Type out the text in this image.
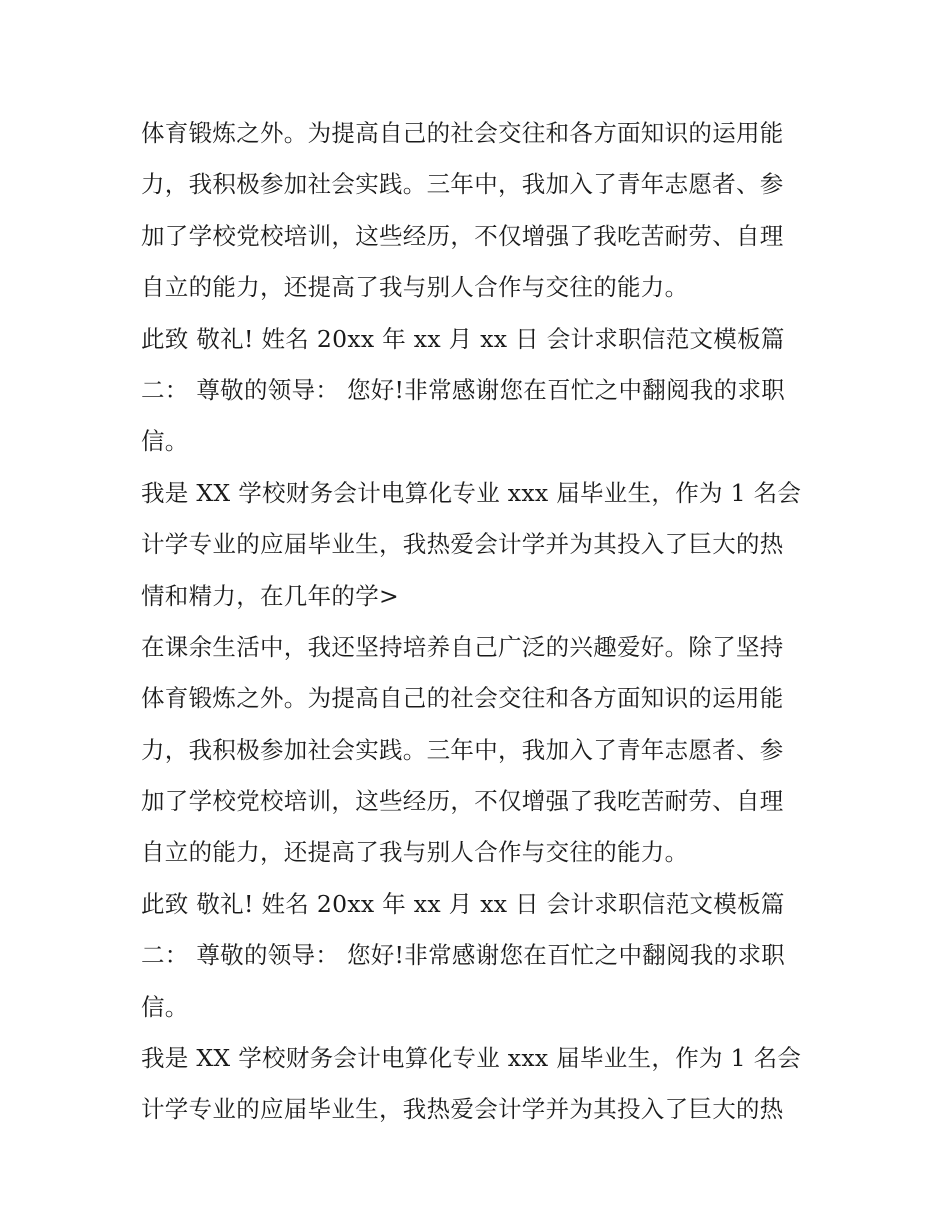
体育锻炼之外。为提高自己的社会交往和各方面知识的运用能
力，我积极参加社会实践。三年中，我加入了青年志愿者、参
加了学校党校培训，这些经历，不仅增强了我吃苦耐劳、自理
自立的能力，还提高了我与别人合作与交往的能力。
此致 敬礼! 姓名 20xx 年 xx 月 xx 日 会计求职信范文模板篇
二： 尊敬的领导： 您好!非常感谢您在百忙之中翻阅我的求职
信。
我是 XX 学校财务会计电算化专业 xxx 届毕业生，作为 1 名会
计学专业的应届毕业生，我热爱会计学并为其投入了巨大的热
情和精力，在几年的学>
在课余生活中，我还坚持培养自己广泛的兴趣爱好。除了坚持
体育锻炼之外。为提高自己的社会交往和各方面知识的运用能
力，我积极参加社会实践。三年中，我加入了青年志愿者、参
加了学校党校培训，这些经历，不仅增强了我吃苦耐劳、自理
自立的能力，还提高了我与别人合作与交往的能力。
此致 敬礼! 姓名 20xx 年 xx 月 xx 日 会计求职信范文模板篇
二： 尊敬的领导： 您好!非常感谢您在百忙之中翻阅我的求职
信。
我是 XX 学校财务会计电算化专业 xxx 届毕业生，作为 1 名会
计学专业的应届毕业生，我热爱会计学并为其投入了巨大的热
